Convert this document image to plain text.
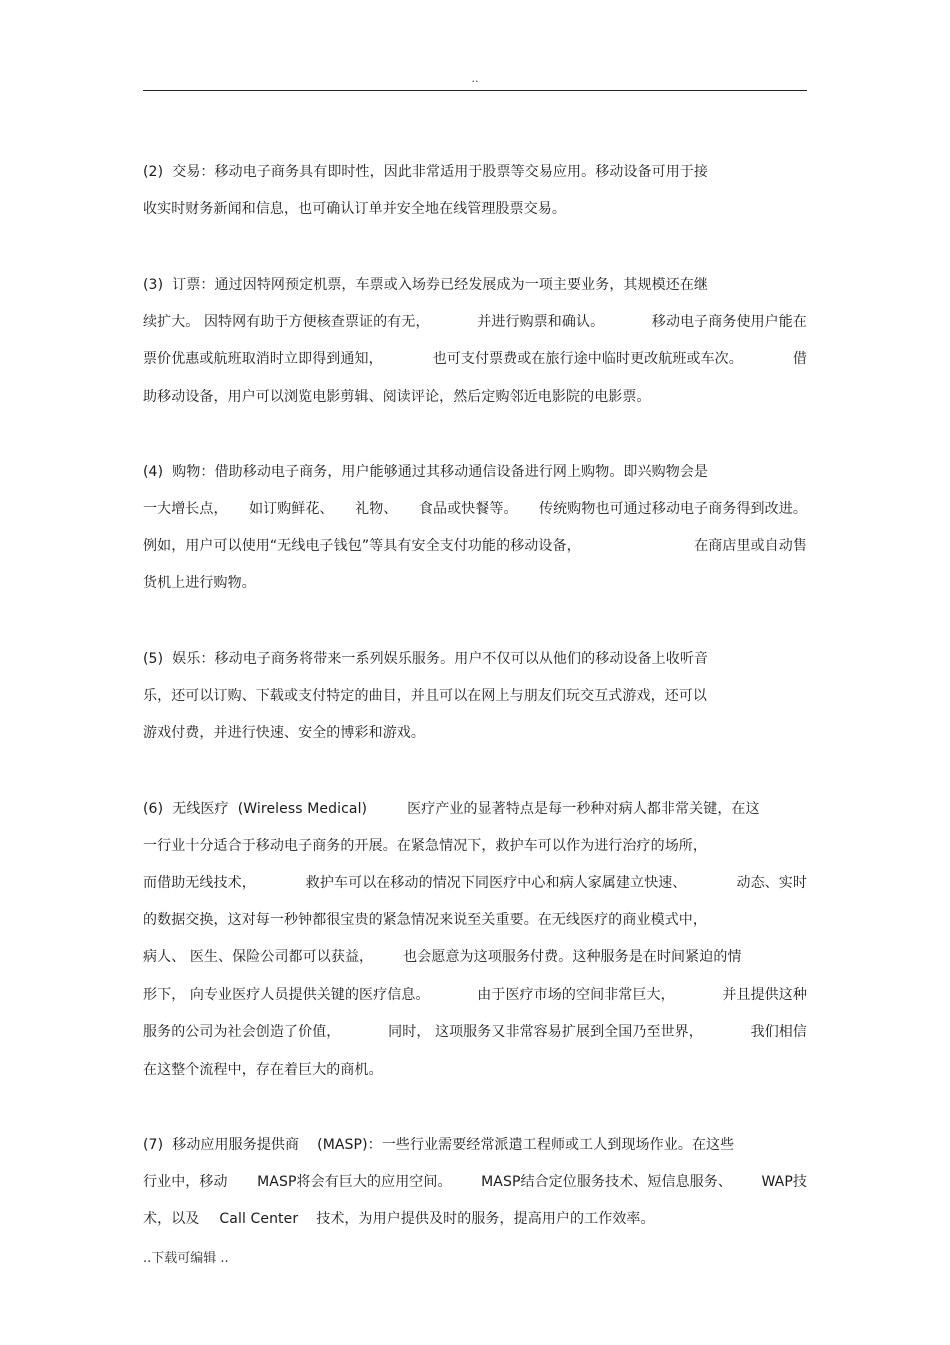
..
(2)  交易：移动电子商务具有即时性，因此非常适用于股票等交易应用。移动设备可用于接
收实时财务新闻和信息，也可确认订单并安全地在线管理股票交易。
(3)  订票：通过因特网预定机票，车票或入场券已经发展成为一项主要业务，其规模还在继
续扩大。 因特网有助于方便核查票证的有无，	并进行购票和确认。	移动电子商务使用户能在
票价优惠或航班取消时立即得到通知，	也可支付票费或在旅行途中临时更改航班或车次。	借
助移动设备，用户可以浏览电影剪辑、阅读评论，然后定购邻近电影院的电影票。
(4)  购物：借助移动电子商务，用户能够通过其移动通信设备进行网上购物。即兴购物会是
一大增长点， 如订购鲜花、 礼物、 食品或快餐等。 传统购物也可通过移动电子商务得到改进。
例如，用户可以使用“无线电子钱包”等具有安全支付功能的移动设备，	在商店里或自动售
货机上进行购物。
(5)  娱乐：移动电子商务将带来一系列娱乐服务。用户不仅可以从他们的移动设备上收听音
乐，还可以订购、下载或支付特定的曲目，并且可以在网上与朋友们玩交互式游戏，还可以
游戏付费，并进行快速、安全的博彩和游戏。
(6)  无线医疗  (Wireless Medical)	医疗产业的显著特点是每一秒种对病人都非常关键，在这
一行业十分适合于移动电子商务的开展。在紧急情况下，救护车可以作为进行治疗的场所，
而借助无线技术，	救护车可以在移动的情况下同医疗中心和病人家属建立快速、	动态、实时
的数据交换，这对每一秒钟都很宝贵的紧急情况来说至关重要。在无线医疗的商业模式中，
病人、 医生、保险公司都可以获益， 也会愿意为这项服务付费。这种服务是在时间紧迫的情
形下， 向专业医疗人员提供关键的医疗信息。	由于医疗市场的空间非常巨大，	并且提供这种
服务的公司为社会创造了价值，	同时， 这项服务又非常容易扩展到全国乃至世界，	我们相信
在这整个流程中，存在着巨大的商机。
(7)  移动应用服务提供商 (MASP)：一些行业需要经常派遣工程师或工人到现场作业。在这些
行业中，移动 MASP将会有巨大的应用空间。 MASP结合定位服务技术、短信息服务、 WAP技
术，以及 Call Center 技术，为用户提供及时的服务，提高用户的工作效率。
..下载可编辑 ..
